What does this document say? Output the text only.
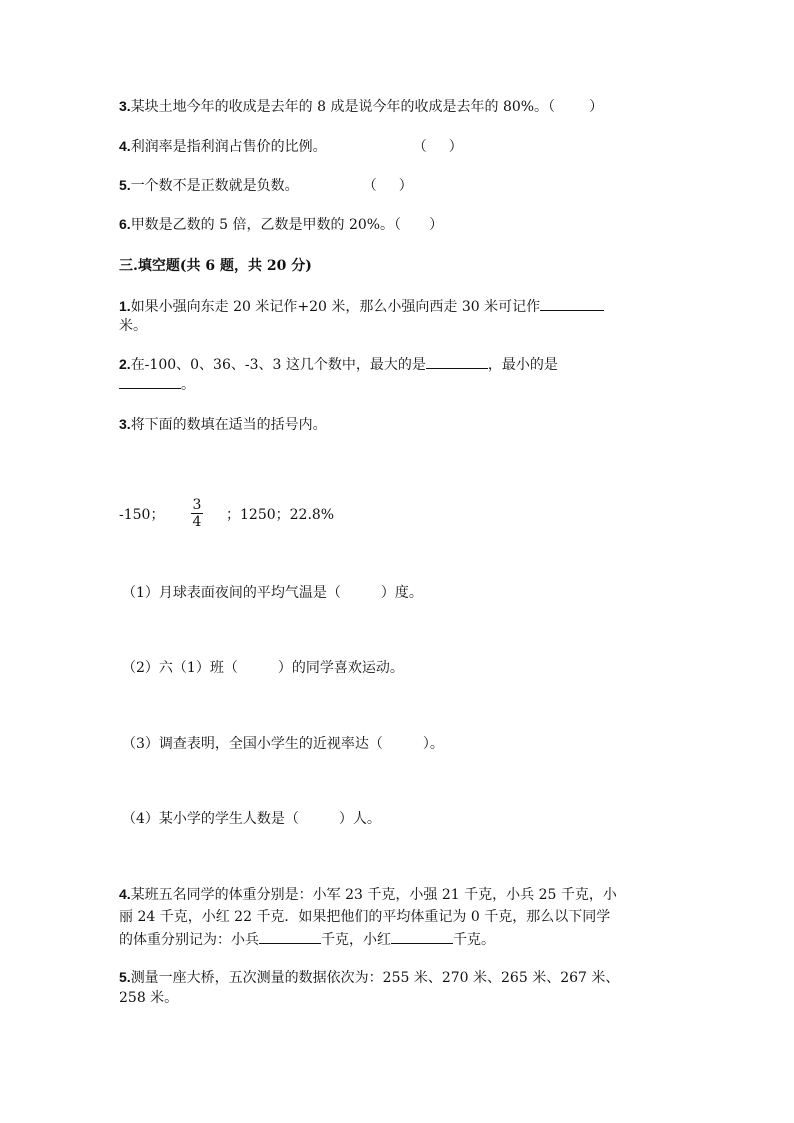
3.某块土地今年的收成是去年的 8 成是说今年的收成是去年的 80%。（ ）
4.利润率是指利润占售价的比例。	（ ）
5.一个数不是正数就是负数。	（ ）
6.甲数是乙数的 5 倍，乙数是甲数的 20%。（ ）
三.填空题(共 6 题，共 20 分)
1.如果小强向东走 20 米记作+20 米，那么小强向西走 30 米可记作
米。
2.在-100、0、36、-3、3 这几个数中，最大的是	，最小的是
。
3.将下面的数填在适当的括号内。
-150；
3
4 ；1250；22.8%
（1）月球表面夜间的平均气温是（	）度。
（2）六（1）班（	）的同学喜欢运动。
（3）调查表明，全国小学生的近视率达（	）。
（4）某小学的学生人数是（	）人。
4.某班五名同学的体重分别是：小军 23 千克，小强 21 千克，小兵 25 千克，小
丽 24 千克，小红 22 千克．如果把他们的平均体重记为 0 千克，那么以下同学
的体重分别记为：小兵	千克，小红	千克。
5.测量一座大桥，五次测量的数据依次为：255 米、270 米、265 米、267 米、
258 米。
